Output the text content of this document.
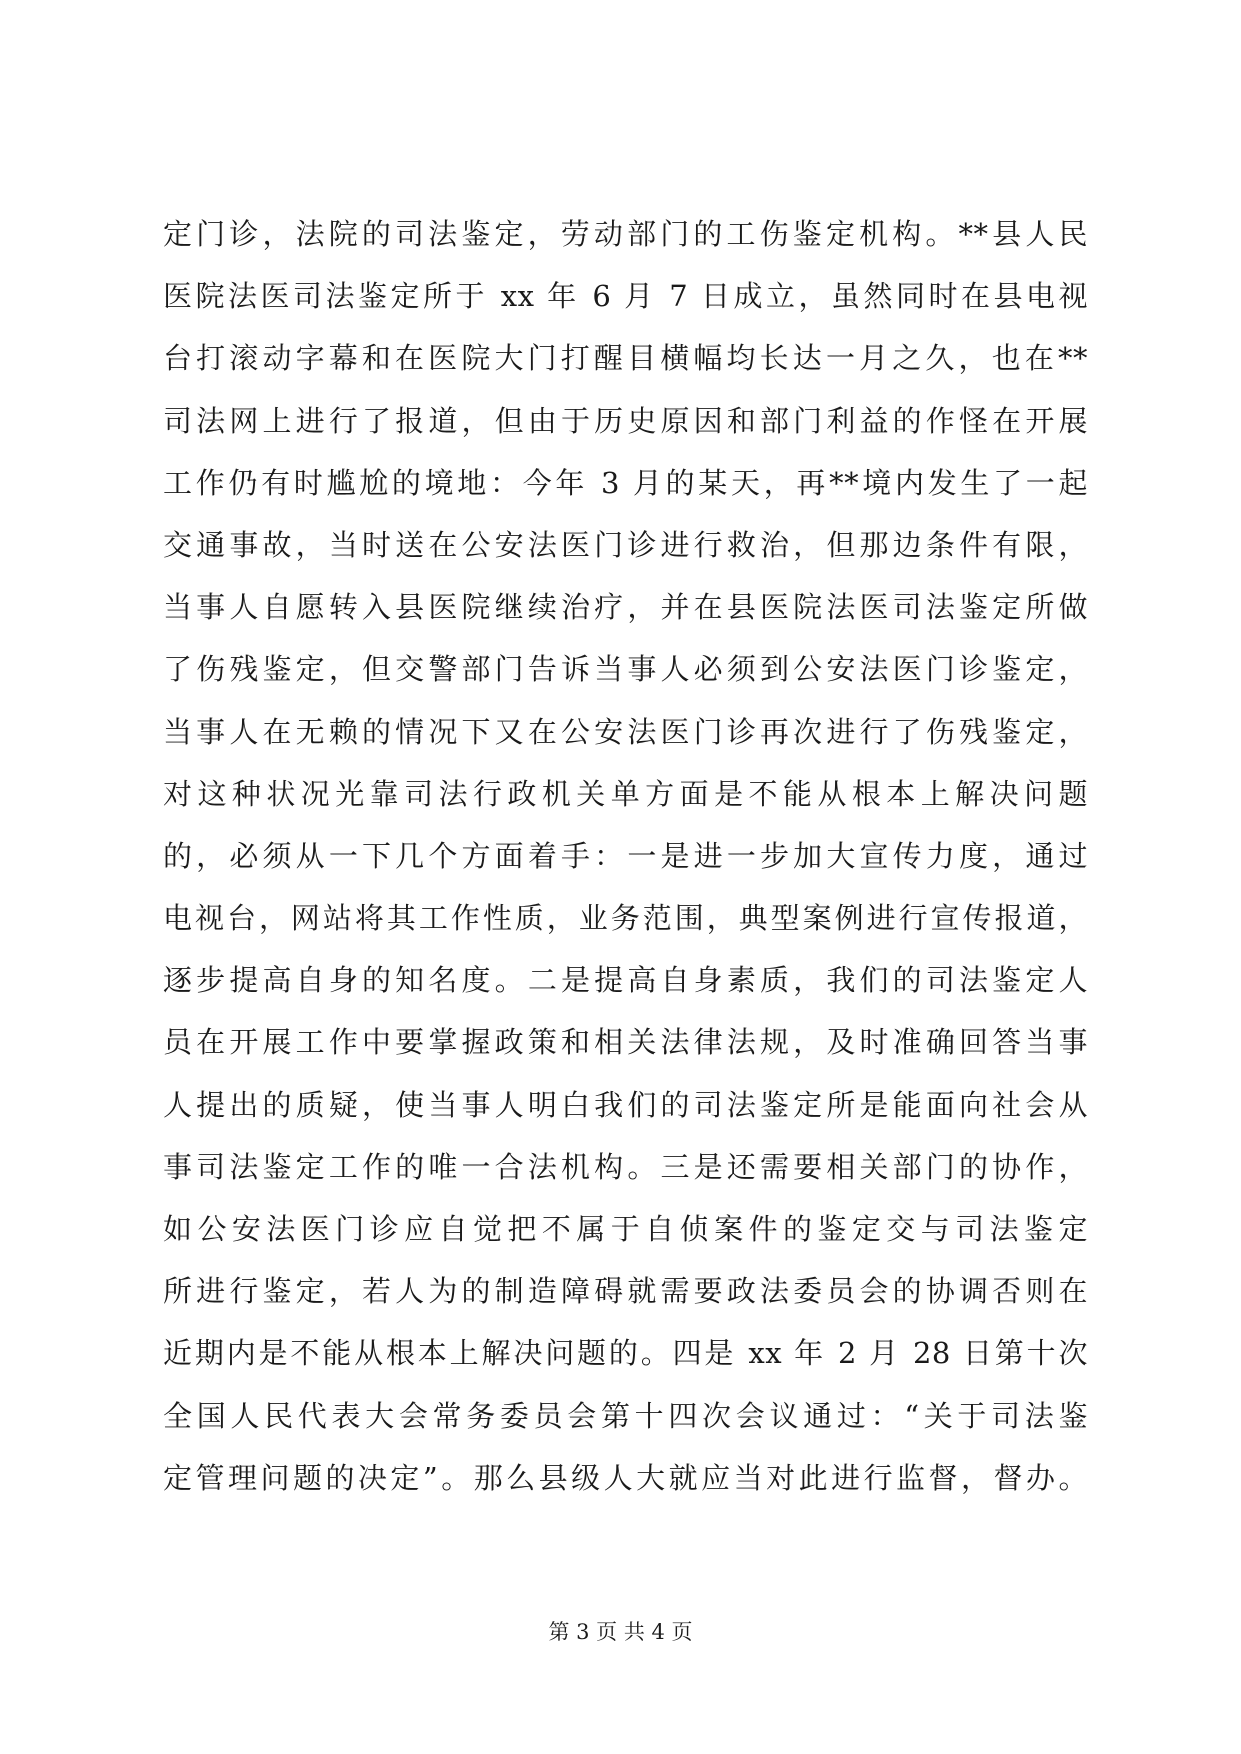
定门诊，法院的司法鉴定，劳动部门的工伤鉴定机构。**县人民
医院法医司法鉴定所于 xx 年 6 月 7 日成立，虽然同时在县电视
台打滚动字幕和在医院大门打醒目横幅均长达一月之久，也在**
司法网上进行了报道，但由于历史原因和部门利益的作怪在开展
工作仍有时尴尬的境地：今年 3 月的某天，再**境内发生了一起
交通事故，当时送在公安法医门诊进行救治，但那边条件有限，
当事人自愿转入县医院继续治疗，并在县医院法医司法鉴定所做
了伤残鉴定，但交警部门告诉当事人必须到公安法医门诊鉴定，
当事人在无赖的情况下又在公安法医门诊再次进行了伤残鉴定，
对这种状况光靠司法行政机关单方面是不能从根本上解决问题
的，必须从一下几个方面着手：一是进一步加大宣传力度，通过
电视台，网站将其工作性质，业务范围，典型案例进行宣传报道，
逐步提高自身的知名度。二是提高自身素质，我们的司法鉴定人
员在开展工作中要掌握政策和相关法律法规，及时准确回答当事
人提出的质疑，使当事人明白我们的司法鉴定所是能面向社会从
事司法鉴定工作的唯一合法机构。三是还需要相关部门的协作，
如公安法医门诊应自觉把不属于自侦案件的鉴定交与司法鉴定
所进行鉴定，若人为的制造障碍就需要政法委员会的协调否则在
近期内是不能从根本上解决问题的。四是 xx 年 2 月 28 日第十次
全国人民代表大会常务委员会第十四次会议通过：“关于司法鉴
定管理问题的决定”。那么县级人大就应当对此进行监督，督办。
第 3 页 共 4 页
